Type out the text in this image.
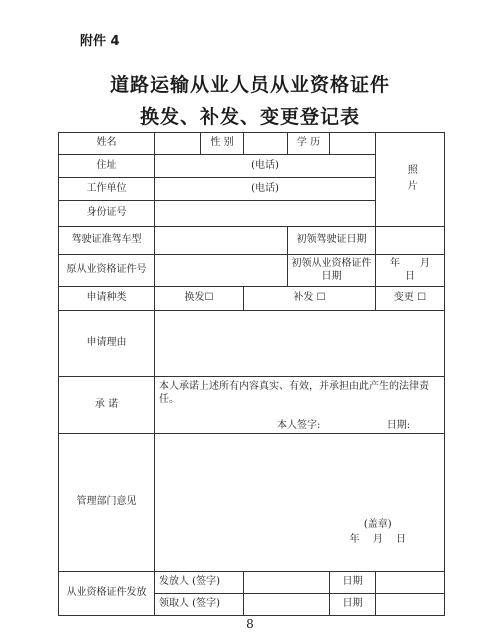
附件 4
道路运输从业人员从业资格证件
换发、补发、变更登记表
姓名		性 别		学 历		照片

住址	(电话)					
工作单位	(电话)					
身份证号						
驾驶证准驾车型				初领驾驶证日期		
原从业资格证件号				初领从业资格证件日期		年　　月　　日
申请种类	换发☐		补发 ☐			变更 ☐
申请理由						
承 诺	本人承诺上述所有内容真实、有效，并承担由此产生的法律责任。
本人签字: 日期:					

管理部门意见	(盖章)
年　 月　 日					

从业资格证件发放	发放人 (签字)				日期	
	领取人 (签字)				日期	
8
